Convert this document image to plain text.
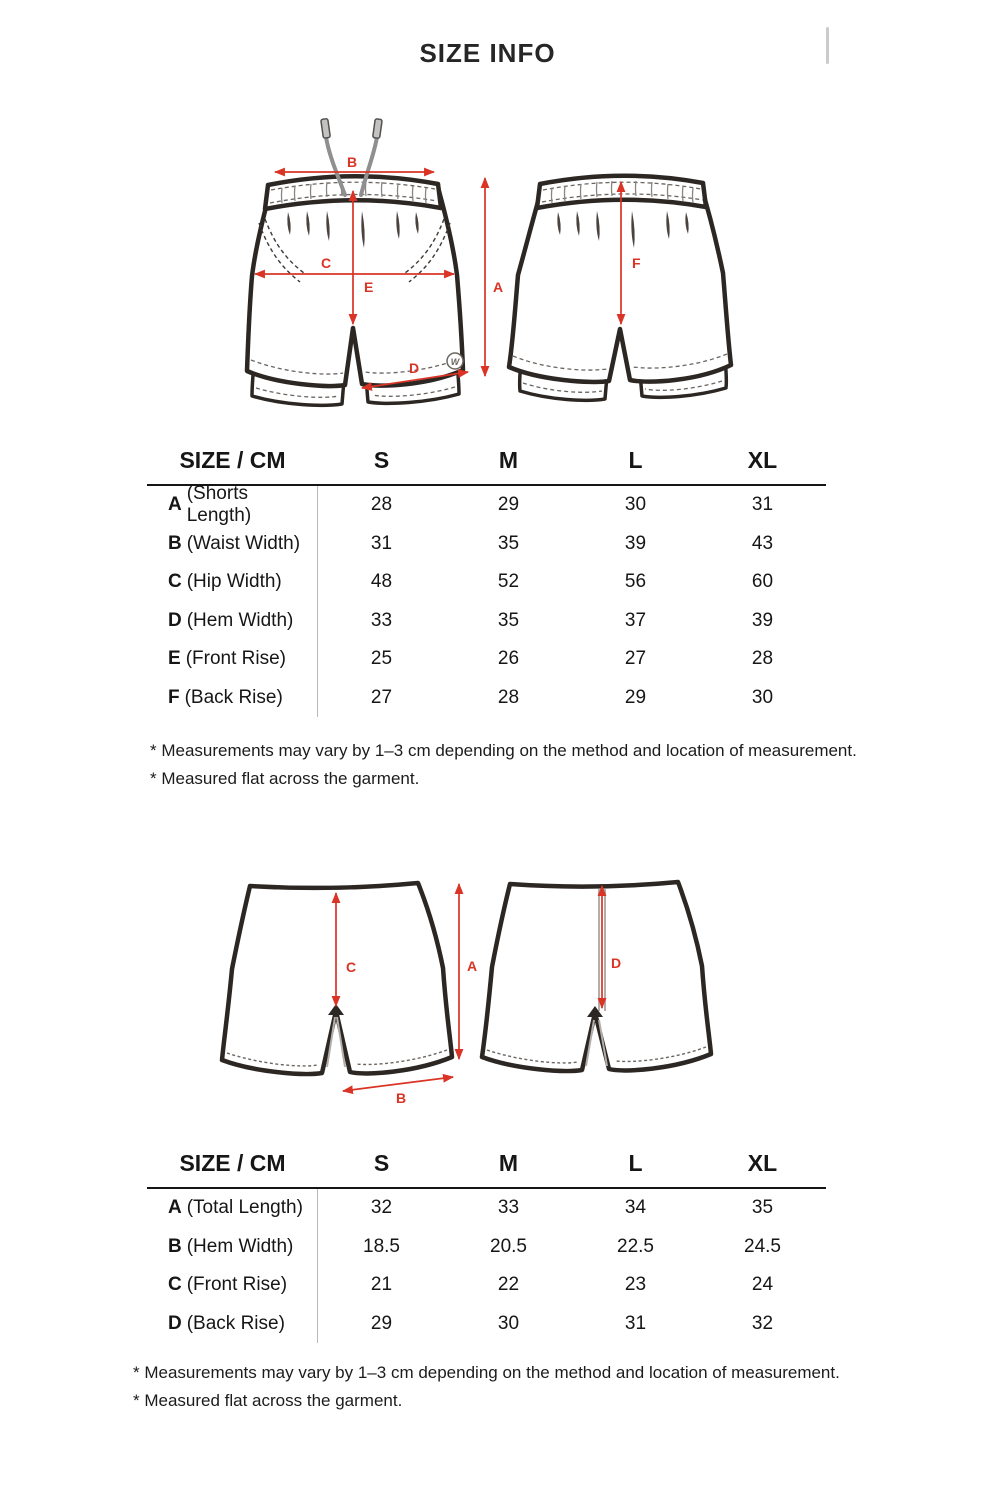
SIZE INFO
W
B
C
E
D
A
F
SIZE / CM	S	M	L	XL
A
(Shorts Length)
28	29	30	31
B (Waist Width)	31	35	39	43
C (Hip Width)	48	52	56	60
D (Hem Width)	33	35	37	39
E (Front Rise)	25	26	27	28
F (Back Rise)	27	28	29	30
* Measurements may vary by 1–3 cm depending on the method and location of measurement.
* Measured flat across the garment.
C	A
B
D
SIZE / CM	S	M	L	XL
A (Total Length)	32	33	34	35
B (Hem Width)	18.5	20.5	22.5	24.5
C (Front Rise)	21	22	23	24
D (Back Rise)	29	30	31	32
* Measurements may vary by 1–3 cm depending on the method and location of measurement.
* Measured flat across the garment.
